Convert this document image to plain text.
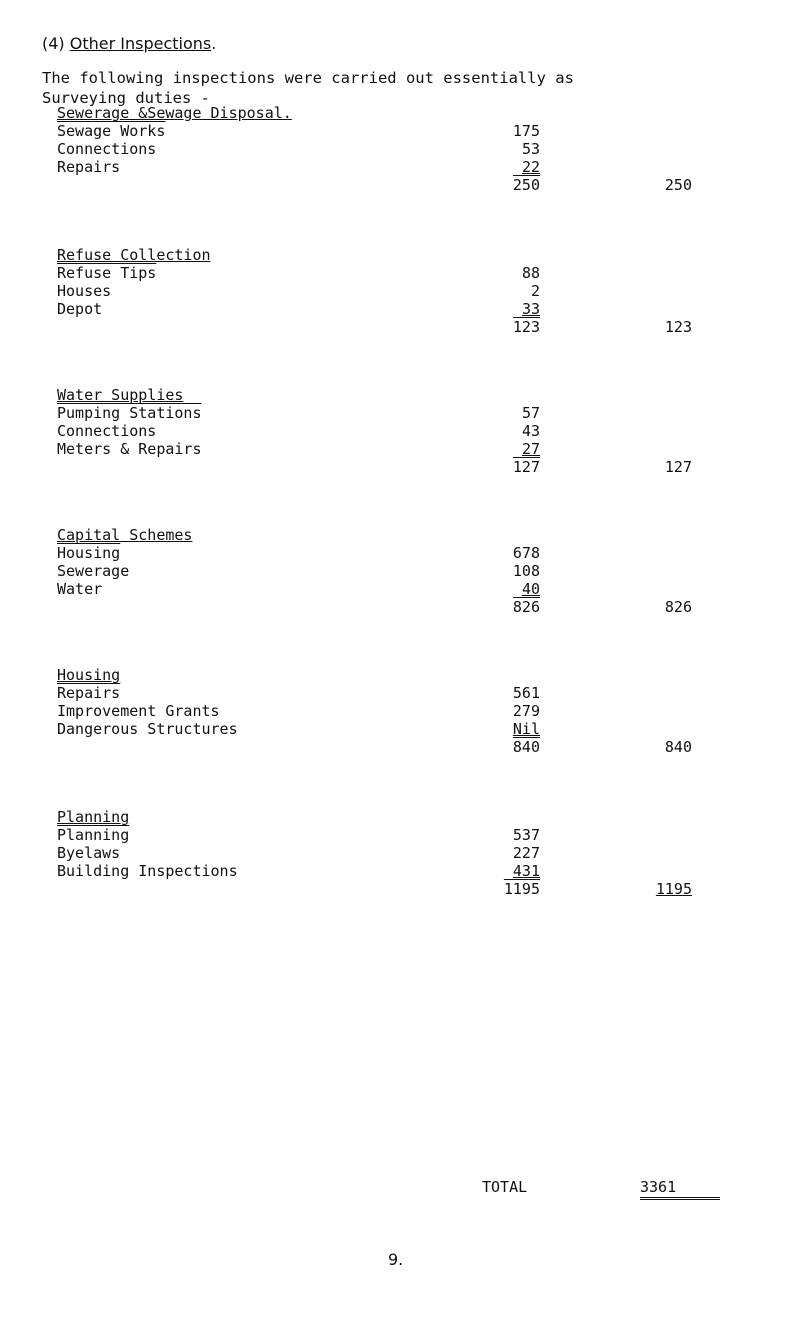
(4) Other Inspections.
The following inspections were carried out essentially as
Surveying duties -
Sewerage &Sewage Disposal.
Sewage Works	175
Connections	53
Repairs	22
250	250
Refuse Collection
Refuse Tips	88
Houses	2
Depot	33
123	123
Water Supplies
Pumping Stations	57
Connections	43
Meters & Repairs	27
127	127
Capital Schemes
Housing	678
Sewerage	108
Water	40
826	826
Housing
Repairs	561
Improvement Grants	279
Dangerous Structures	Nil
840	840
Planning
Planning	537
Byelaws	227
Building Inspections	431
1195	1195
TOTAL	3361
9.
